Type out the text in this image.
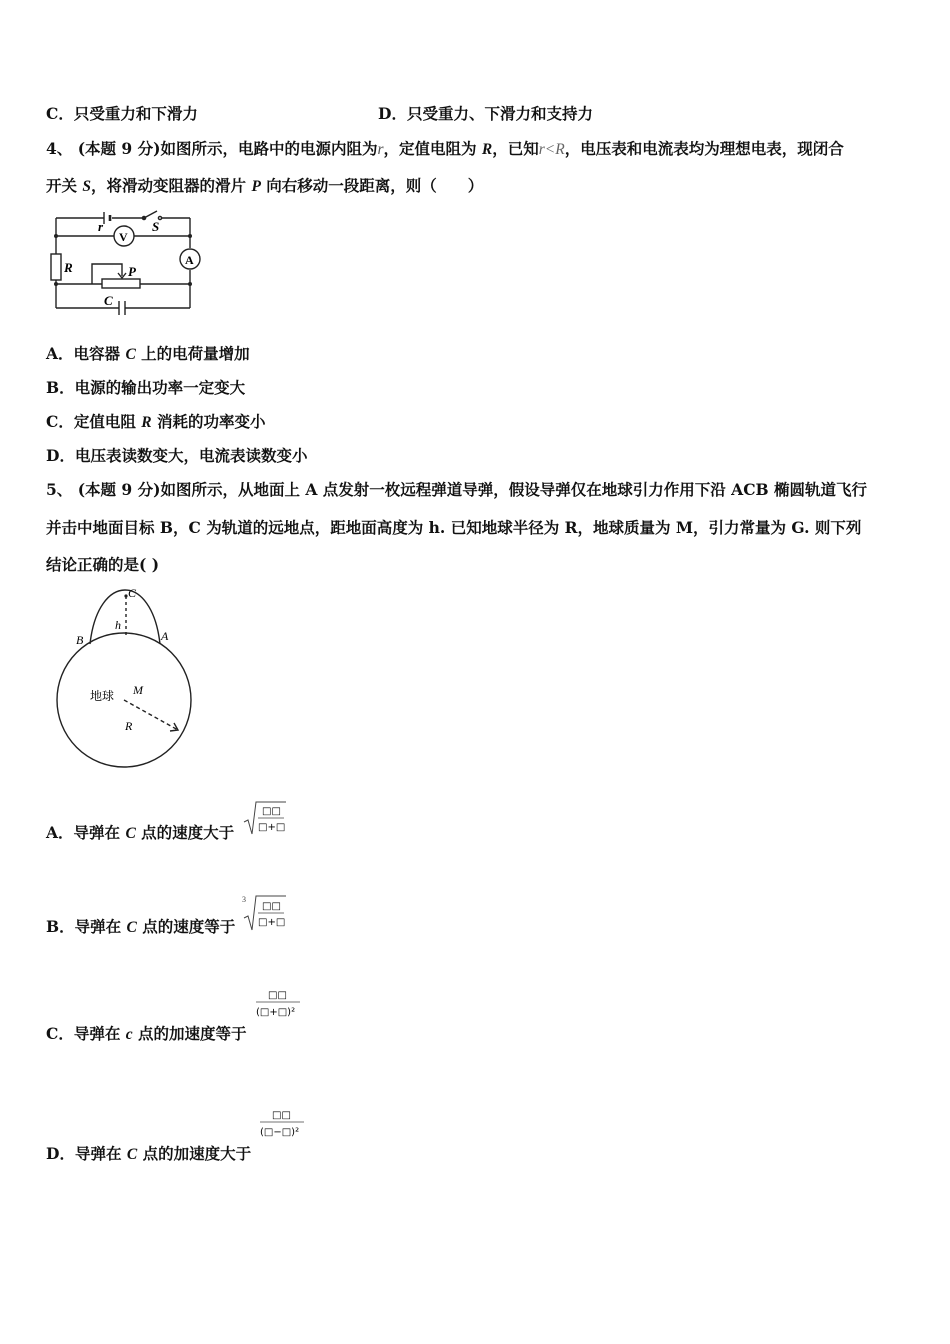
C．只受重力和下滑力	D．只受重力、下滑力和支持力
4、 (本题 9 分)如图所示，电路中的电源内阻为r，定值电阻为 R，已知r<R，电压表和电流表均为理想电表，现闭合
开关 S，将滑动变阻器的滑片 P 向右移动一段距离，则（　　）
r	S
V
A
R	P
C
A．电容器 C 上的电荷量增加
B．电源的输出功率一定变大
C．定值电阻 R 消耗的功率变小
D．电压表读数变大，电流表读数变小
5、 (本题 9 分)如图所示，从地面上 A 点发射一枚远程弹道导弹，假设导弹仅在地球引力作用下沿 ACB 椭圆轨道飞行
并击中地面目标 B，C 为轨道的远地点，距地面高度为 h. 已知地球半径为 R，地球质量为 M，引力常量为 G. 则下列
结论正确的是( )
C
h
B	A
地球 M
R
A．导弹在 C 点的速度大于
□□
□+□
B．导弹在 C 点的速度等于
3
□□
□+□
C．导弹在 c 点的加速度等于
□□
(□+□)²
D．导弹在 C 点的加速度大于
□□
(□−□)²
